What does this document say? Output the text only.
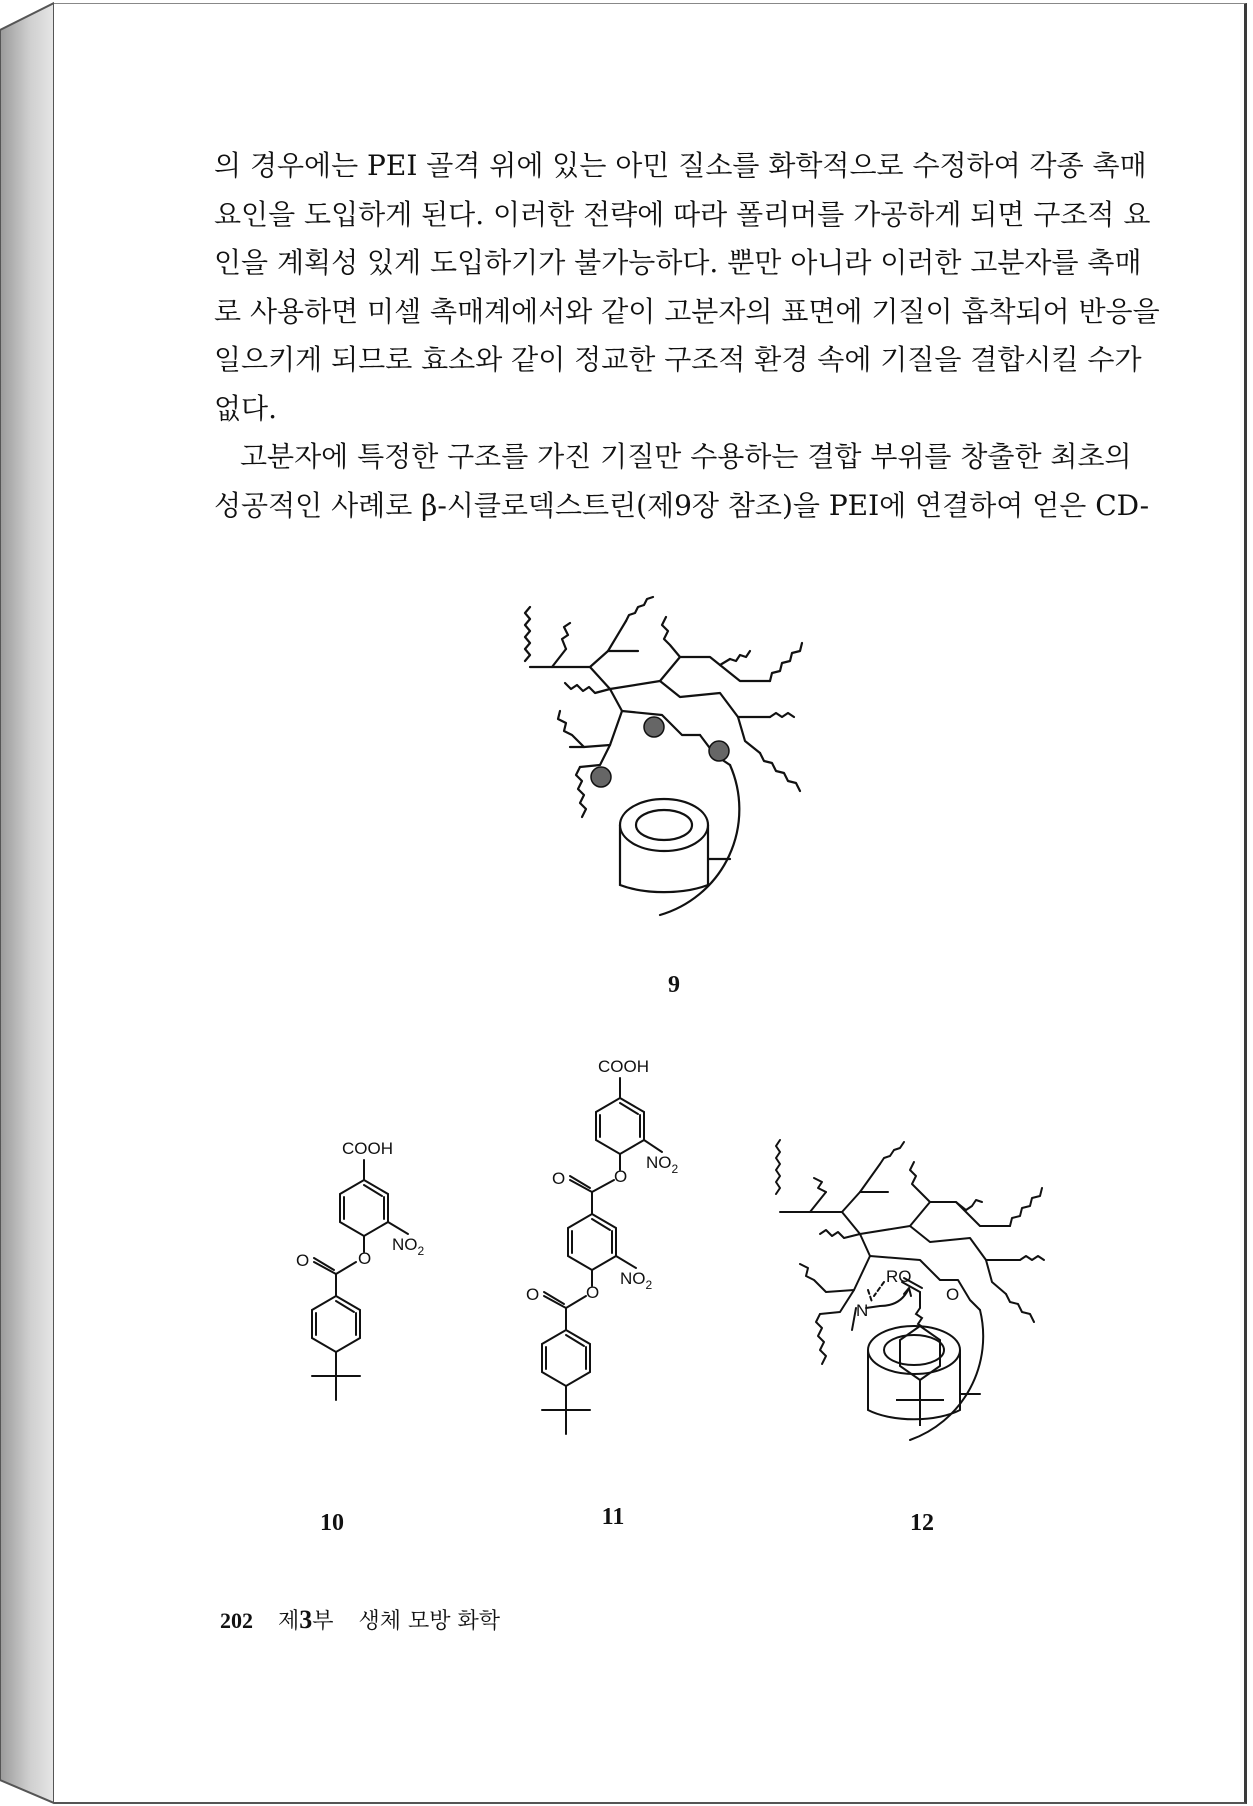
의 경우에는 PEI 골격 위에 있는 아민 질소를 화학적으로 수정하여 각종 촉매
요인을 도입하게 된다. 이러한 전략에 따라 폴리머를 가공하게 되면 구조적 요
인을 계획성 있게 도입하기가 불가능하다. 뿐만 아니라 이러한 고분자를 촉매
로 사용하면 미셀 촉매계에서와 같이 고분자의 표면에 기질이 흡착되어 반응을
일으키게 되므로 효소와 같이 정교한 구조적 환경 속에 기질을 결합시킬 수가
없다.

고분자에 특정한 구조를 가진 기질만 수용하는 결합 부위를 창출한 최초의
성공적인 사례로 β-시클로덱스트린(제9장 참조)을 PEI에 연결하여 얻은 CD-

9
COOH
$NO_2$
O
O
10
COOH
$NO_2$
O
O
$NO_2$
O
O
11
RO
N
O
12
202 제3부 생체 모방 화학
